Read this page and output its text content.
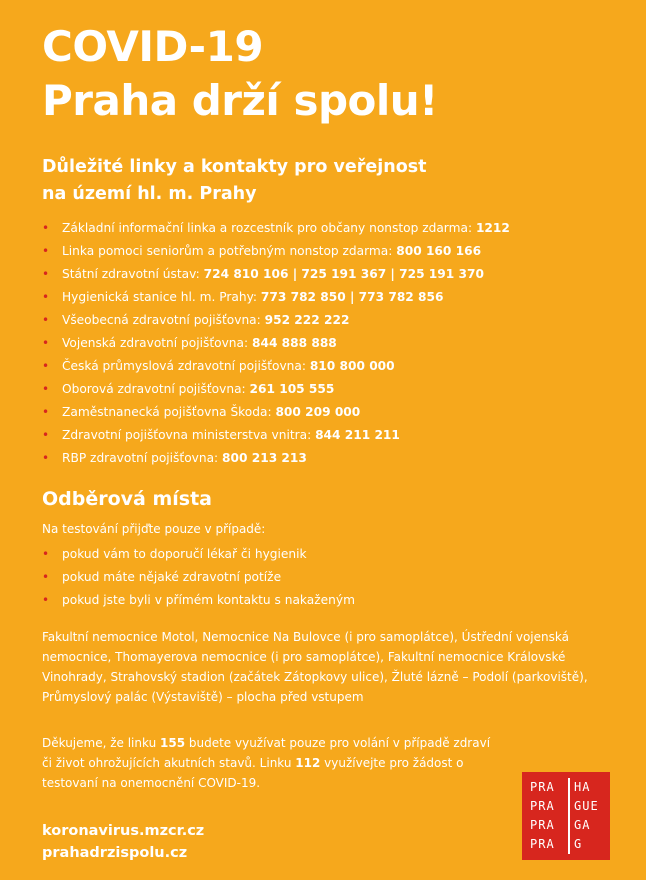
COVID-19
Praha drží spolu!
Důležité linky a kontakty pro veřejnost
na území hl. m. Prahy
• Základní informační linka a rozcestník pro občany nonstop zdarma: 1212
• Linka pomoci seniorům a potřebným nonstop zdarma: 800 160 166
• Státní zdravotní ústav: 724 810 106 | 725 191 367 | 725 191 370
• Hygienická stanice hl. m. Prahy: 773 782 850 | 773 782 856
• Všeobecná zdravotní pojišťovna: 952 222 222
• Vojenská zdravotní pojišťovna: 844 888 888
• Česká průmyslová zdravotní pojišťovna: 810 800 000
• Oborová zdravotní pojišťovna: 261 105 555
• Zaměstnanecká pojišťovna Škoda: 800 209 000
• Zdravotní pojišťovna ministerstva vnitra: 844 211 211
• RBP zdravotní pojišťovna: 800 213 213
Odběrová místa
Na testování přijďte pouze v případě:
• pokud vám to doporučí lékař či hygienik
• pokud máte nějaké zdravotní potíže
• pokud jste byli v přímém kontaktu s nakaženým

Fakultní nemocnice Motol, Nemocnice Na Bulovce (i pro samoplátce), Ústřední vojenská nemocnice, Thomayerova nemocnice (i pro samoplátce), Fakultní nemocnice Královské Vinohrady, Strahovský stadion (začátek Zátopkovy ulice), Žluté lázně – Podolí (parkoviště), Průmyslový palác (Výstaviště) – plocha před vstupem

Děkujeme, že linku 155 budete využívat pouze pro volání v případě zdraví či život ohrožujících akutních stavů. Linku 112 využívejte pro žádost o testovaní na onemocnění COVID-19.

koronavirus.mzcr.cz
prahadrzispolu.cz
PRA
PRA
PRA
PRA
HA
GUE
GA
G
